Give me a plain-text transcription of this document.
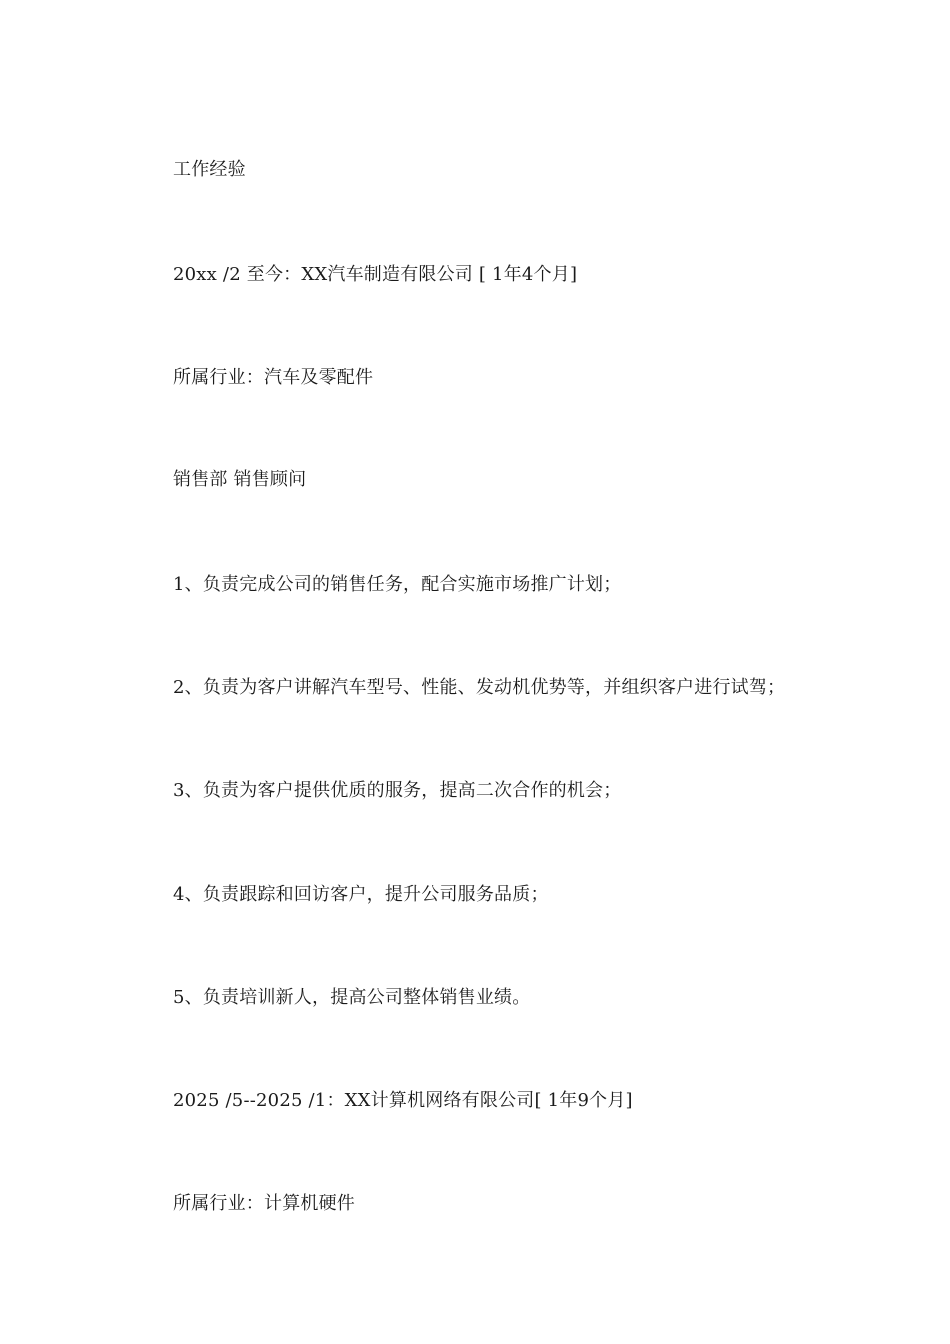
工作经验
20xx /2 至今：XX汽车制造有限公司 [ 1年4个月]
所属行业：汽车及零配件
销售部 销售顾问
1、负责完成公司的销售任务，配合实施市场推广计划；
2、负责为客户讲解汽车型号、性能、发动机优势等，并组织客户进行试驾；
3、负责为客户提供优质的服务，提高二次合作的机会；
4、负责跟踪和回访客户，提升公司服务品质；
5、负责培训新人，提高公司整体销售业绩。
2025 /5--2025 /1：XX计算机网络有限公司[ 1年9个月]
所属行业：计算机硬件
